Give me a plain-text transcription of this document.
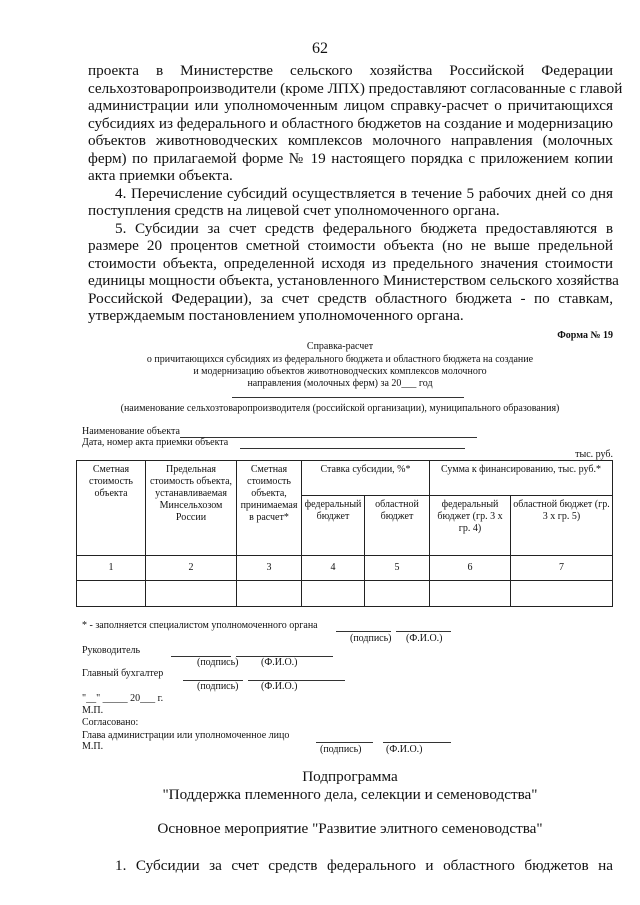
62
проекта в Министерстве сельского хозяйства Российской Федерации
сельхозтоваропроизводители (кроме ЛПХ) предоставляют согласованные с главой
администрации или уполномоченным лицом справку-расчет о причитающихся
субсидиях из федерального и областного бюджетов на создание и модернизацию
объектов животноводческих комплексов молочного направления (молочных
ферм) по прилагаемой форме № 19 настоящего порядка с приложением копии
акта приемки объекта.
4. Перечисление субсидий осуществляется в течение 5 рабочих дней со дня
поступления средств на лицевой счет уполномоченного органа.
5. Субсидии за счет средств федерального бюджета предоставляются в
размере 20 процентов сметной стоимости объекта (но не выше предельной
стоимости объекта, определенной исходя из предельного значения стоимости
единицы мощности объекта, установленного Министерством сельского хозяйства
Российской Федерации), за счет средств областного бюджета - по ставкам,
утверждаемым постановлением уполномоченного органа.
Форма № 19
Справка-расчет
о причитающихся субсидиях из федерального бюджета и областного бюджета на создание
и модернизацию объектов животноводческих комплексов молочного
направления (молочных ферм) за 20___ год
(наименование сельхозтоваропроизводителя (российской организации), муниципального образования)
Наименование объекта
Дата, номер акта приемки объекта
тыс. руб.
Сметная стоимость объекта	Предельная стоимость объекта, устанавливаемая Минсельхозом России	Сметная стоимость объекта, принимаемая в расчет*	Ставка субсидии, %*		Сумма к финансированию, тыс. руб.*	
			федеральный бюджет	областной бюджет	федеральный бюджет (гр. 3 х гр. 4)	областной бюджет (гр. 3 х гр. 5)
1	2	3	4	5	6	7

* - заполняется специалистом уполномоченного органа
(подпись) (Ф.И.О.)
Руководитель
(подпись) (Ф.И.О.)
Главный бухгалтер
(подпись) (Ф.И.О.)
"__" _____ 20___ г.
М.П.
Согласовано:
Глава администрации или уполномоченное лицо
М.П.	(подпись) (Ф.И.О.)
Подпрограмма
"Поддержка племенного дела, селекции и семеноводства"
Основное мероприятие "Развитие элитного семеноводства"
1. Субсидии за счет средств федерального и областного бюджетов на
